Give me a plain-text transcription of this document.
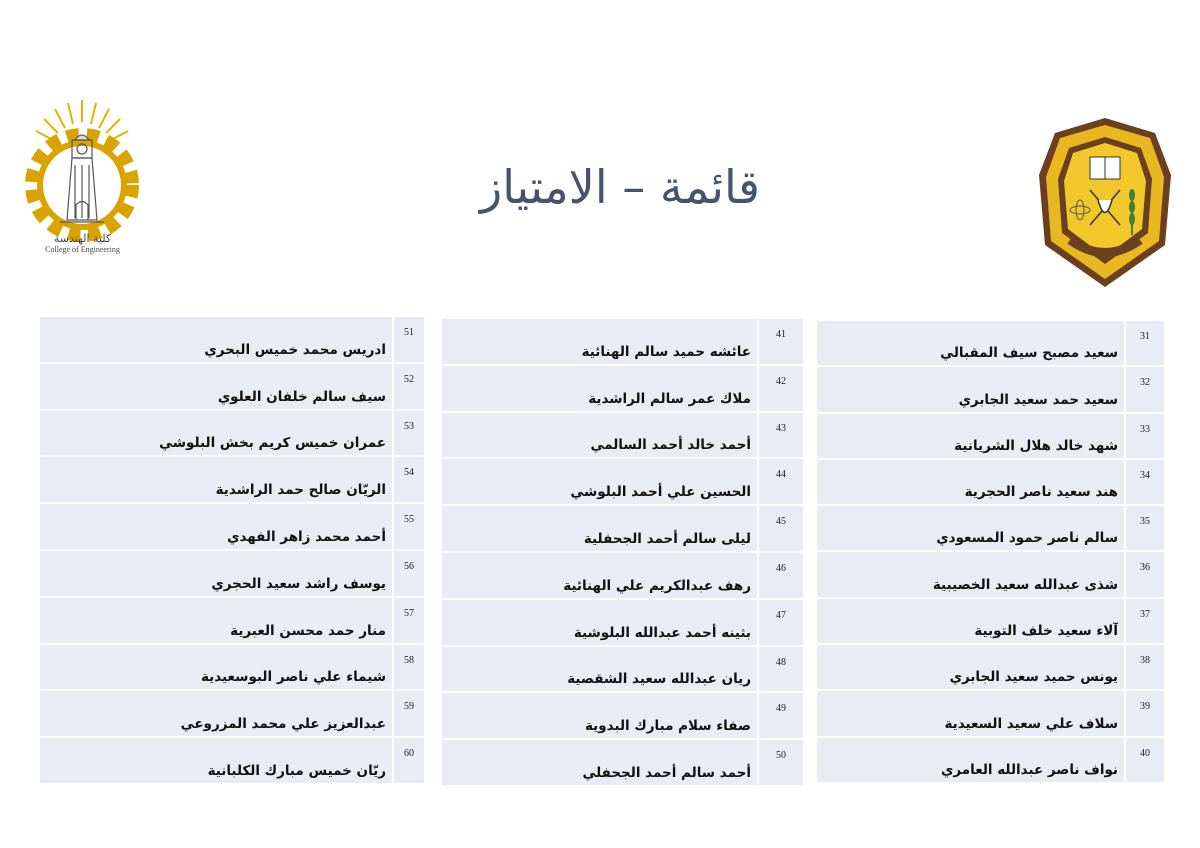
كلية الهندسة
College of Engineering
قائمة – الامتياز
ادريس محمد خميس البحري	51
سيف سالم خلفان العلوي	52
عمران خميس كريم بخش البلوشي	53
الريّان صالح حمد الراشدية	54
أحمد محمد زاهر الفهدي	55
يوسف راشد سعيد الحجري	56
منار حمد محسن العبرية	57
شيماء علي ناصر البوسعيدية	58
عبدالعزيز علي محمد المزروعي	59
ريّان خميس مبارك الكلبانية	60
عائشه حميد سالم الهنائية	41
ملاك عمر سالم الراشدية	42
أحمد خالد أحمد السالمي	43
الحسين علي أحمد البلوشي	44
ليلى سالم أحمد الجحفلية	45
رهف عبدالكريم علي الهنائية	46
بثينه أحمد عبدالله البلوشية	47
ريان عبدالله سعيد الشقصية	48
صفاء سلام مبارك البدوية	49
أحمد سالم أحمد الجحفلي	50
سعيد مصبح سيف المقبالي	31
سعيد حمد سعيد الجابري	32
شهد خالد هلال الشريانية	33
هند سعيد ناصر الحجرية	34
سالم ناصر حمود المسعودي	35
شذى عبدالله سعيد الخصيبية	36
آلاء سعيد خلف التوبية	37
يونس حميد سعيد الجابري	38
سلاف علي سعيد السعيدية	39
نواف ناصر عبدالله العامري	40
